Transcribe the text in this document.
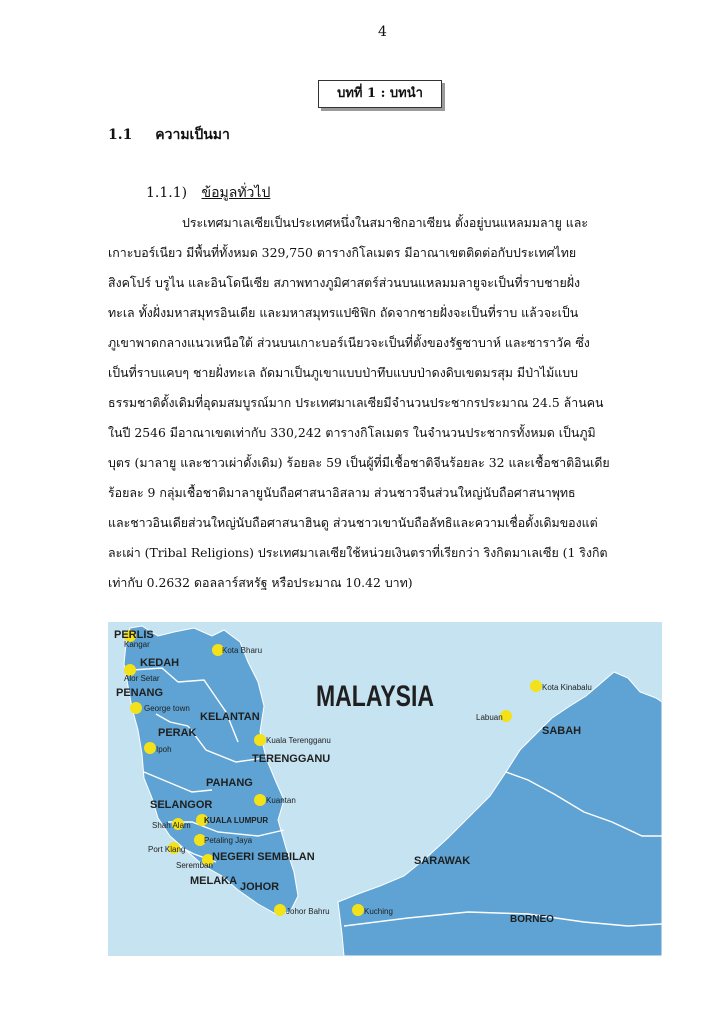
4
บทที่ 1 : บทนำ
1.1 ความเป็นมา
1.1.1) ข้อมูลทั่วไป
ประเทศมาเลเซียเป็นประเทศหนึ่งในสมาชิกอาเซียน ตั้งอยู่บนแหลมมลายู และ
เกาะบอร์เนียว มีพื้นที่ทั้งหมด 329,750 ตารางกิโลเมตร มีอาณาเขตติดต่อกับประเทศไทย
สิงคโปร์ บรูไน และอินโดนีเซีย สภาพทางภูมิศาสตร์ส่วนบนแหลมมลายูจะเป็นที่ราบชายฝั่ง
ทะเล ทั้งฝั่งมหาสมุทรอินเดีย และมหาสมุทรแปซิฟิก ถัดจากชายฝั่งจะเป็นที่ราบ แล้วจะเป็น
ภูเขาพาดกลางแนวเหนือใต้ ส่วนบนเกาะบอร์เนียวจะเป็นที่ตั้งของรัฐซาบาห์ และซาราวัค ซึ่ง
เป็นที่ราบแคบๆ ชายฝั่งทะเล ถัดมาเป็นภูเขาแบบป่าทึบแบบป่าดงดิบเขตมรสุม มีป่าไม้แบบ
ธรรมชาติดั้งเดิมที่อุดมสมบูรณ์มาก ประเทศมาเลเซียมีจำนวนประชากรประมาณ 24.5 ล้านคน
ในปี 2546 มีอาณาเขตเท่ากับ 330,242 ตารางกิโลเมตร ในจำนวนประชากรทั้งหมด เป็นภูมิ
บุตร (มาลายู และชาวเผ่าดั้งเดิม) ร้อยละ 59 เป็นผู้ที่มีเชื้อชาติจีนร้อยละ 32 และเชื้อชาติอินเดีย
ร้อยละ 9 กลุ่มเชื้อชาติมาลายูนับถือศาสนาอิสลาม ส่วนชาวจีนส่วนใหญ่นับถือศาสนาพุทธ
และชาวอินเดียส่วนใหญ่นับถือศาสนาฮินดู ส่วนชาวเขานับถือลัทธิและความเชื่อดั้งเดิมของแต่
ละเผ่า (Tribal Religions) ประเทศมาเลเซียใช้หน่วยเงินตราที่เรียกว่า ริงกิตมาเลเซีย (1 ริงกิต
เท่ากับ 0.2632 ดอลลาร์สหรัฐ หรือประมาณ 10.42 บาท)
MALAYSIA
PERLIS
KEDAH
PENANG
KELANTAN
PERAK
TERENGGANU
PAHANG
SELANGOR
KUALA LUMPUR
NEGERI SEMBILAN
MELAKA JOHOR
SABAH
SARAWAK
BORNEO
Kangar
Alor Setar
George town
Kota Bharu
Ipoh
Kuala Terengganu
Kuantan
Shah Alam
Petaling Jaya
Port Klang
Seremban
Johor Bahru	Kuching
Labuan
Kota Kinabalu
